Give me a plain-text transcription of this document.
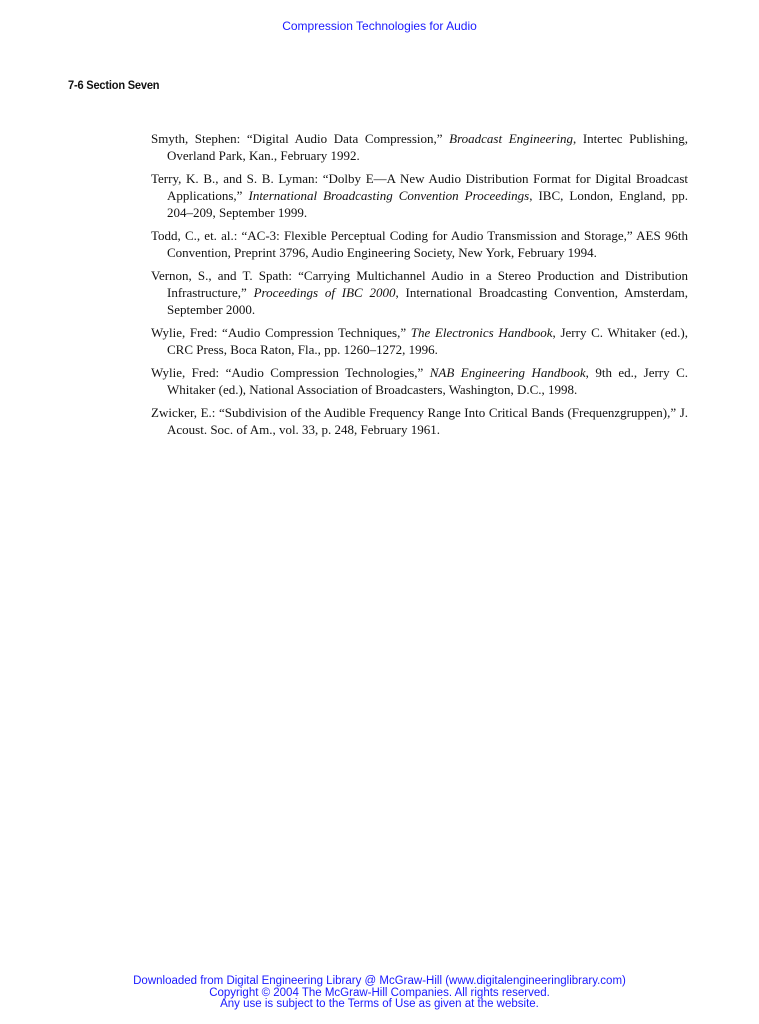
Compression Technologies for Audio
7-6 Section Seven
Smyth, Stephen: “Digital Audio Data Compression,” Broadcast Engineering, Intertec Publishing, Overland Park, Kan., February 1992.
Terry, K. B., and S. B. Lyman: “Dolby E—A New Audio Distribution Format for Digital Broadcast Applications,” International Broadcasting Convention Proceedings, IBC, London, England, pp. 204–209, September 1999.
Todd, C., et. al.: “AC-3: Flexible Perceptual Coding for Audio Transmission and Storage,” AES 96th Convention, Preprint 3796, Audio Engineering Society, New York, February 1994.
Vernon, S., and T. Spath: “Carrying Multichannel Audio in a Stereo Production and Distribution Infrastructure,” Proceedings of IBC 2000, International Broadcasting Convention, Amsterdam, September 2000.
Wylie, Fred: “Audio Compression Techniques,” The Electronics Handbook, Jerry C. Whitaker (ed.), CRC Press, Boca Raton, Fla., pp. 1260–1272, 1996.
Wylie, Fred: “Audio Compression Technologies,” NAB Engineering Handbook, 9th ed., Jerry C. Whitaker (ed.), National Association of Broadcasters, Washington, D.C., 1998.
Zwicker, E.: “Subdivision of the Audible Frequency Range Into Critical Bands (Frequenzgruppen),” J. Acoust. Soc. of Am., vol. 33, p. 248, February 1961.
Downloaded from Digital Engineering Library @ McGraw-Hill (www.digitalengineeringlibrary.com)
Copyright © 2004 The McGraw-Hill Companies. All rights reserved.
Any use is subject to the Terms of Use as given at the website.
